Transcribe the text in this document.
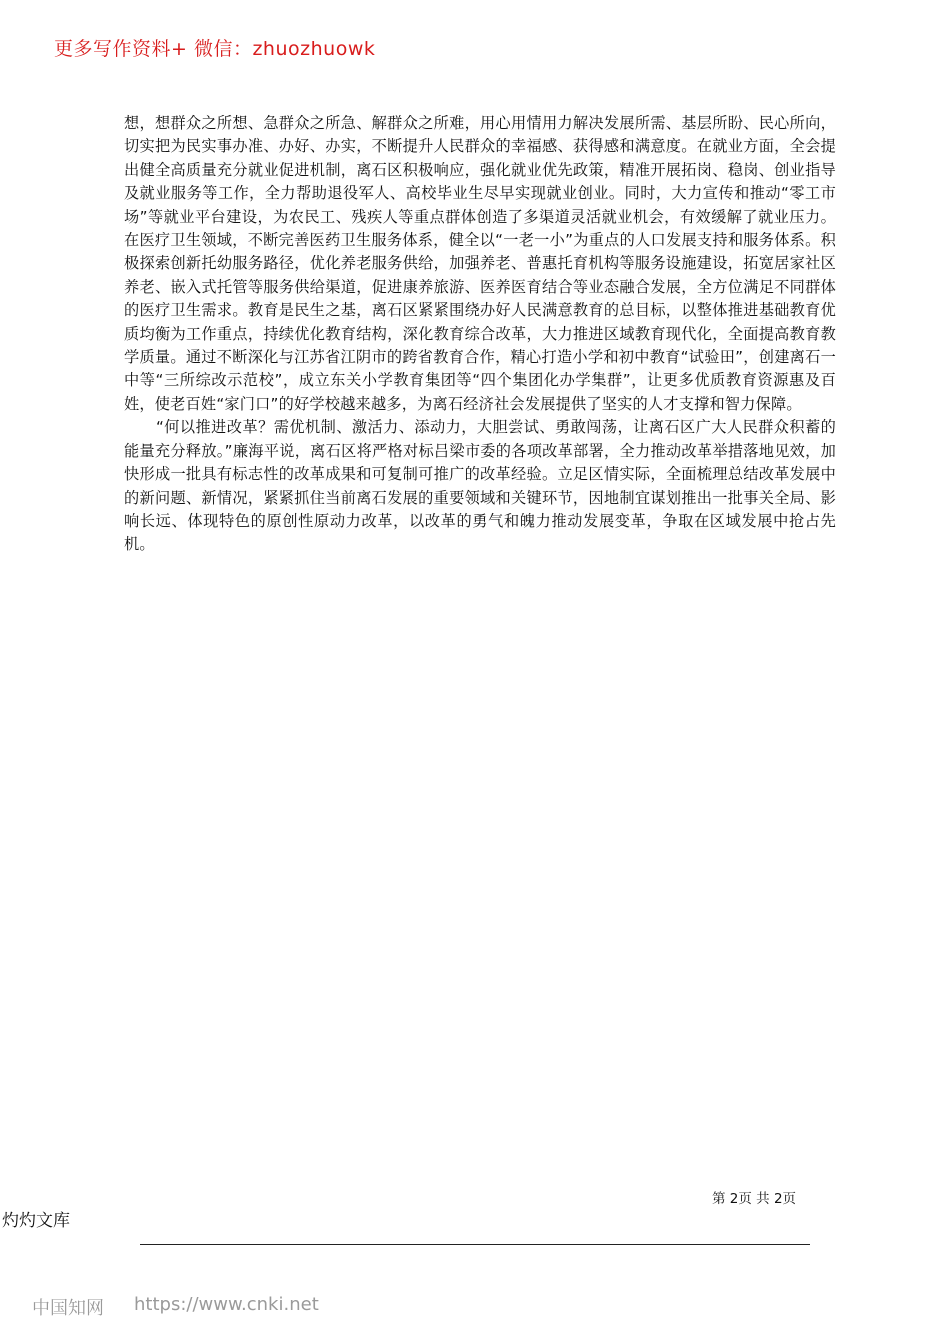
更多写作资料+ 微信：zhuozhuowk

想，想群众之所想、急群众之所急、解群众之所难，用心用情用力解决发展所需、基层所盼、民心所向，切实把为民实事办准、办好、办实，不断提升人民群众的幸福感、获得感和满意度。在就业方面，全会提出健全高质量充分就业促进机制，离石区积极响应，强化就业优先政策，精准开展拓岗、稳岗、创业指导及就业服务等工作，全力帮助退役军人、高校毕业生尽早实现就业创业。同时，大力宣传和推动“零工市场”等就业平台建设，为农民工、残疾人等重点群体创造了多渠道灵活就业机会，有效缓解了就业压力。在医疗卫生领域，不断完善医药卫生服务体系，健全以“一老一小”为重点的人口发展支持和服务体系。积极探索创新托幼服务路径，优化养老服务供给，加强养老、普惠托育机构等服务设施建设，拓宽居家社区养老、嵌入式托管等服务供给渠道，促进康养旅游、医养医育结合等业态融合发展，全方位满足不同群体的医疗卫生需求。教育是民生之基，离石区紧紧围绕办好人民满意教育的总目标，以整体推进基础教育优质均衡为工作重点，持续优化教育结构，深化教育综合改革，大力推进区域教育现代化，全面提高教育教学质量。通过不断深化与江苏省江阴市的跨省教育合作，精心打造小学和初中教育“试验田”，创建离石一中等“三所综改示范校”，成立东关小学教育集团等“四个集团化办学集群”，让更多优质教育资源惠及百姓，使老百姓“家门口”的好学校越来越多，为离石经济社会发展提供了坚实的人才支撑和智力保障。

“何以推进改革？需优机制、激活力、添动力，大胆尝试、勇敢闯荡，让离石区广大人民群众积蓄的能量充分释放。”廉海平说，离石区将严格对标吕梁市委的各项改革部署，全力推动改革举措落地见效，加快形成一批具有标志性的改革成果和可复制可推广的改革经验。立足区情实际，全面梳理总结改革发展中的新问题、新情况，紧紧抓住当前离石发展的重要领域和关键环节，因地制宜谋划推出一批事关全局、影响长远、体现特色的原创性原动力改革，以改革的勇气和魄力推动发展变革，争取在区域发展中抢占先机。

第 2页 共 2页
灼灼文库
中国知网 https://www.cnki.net
